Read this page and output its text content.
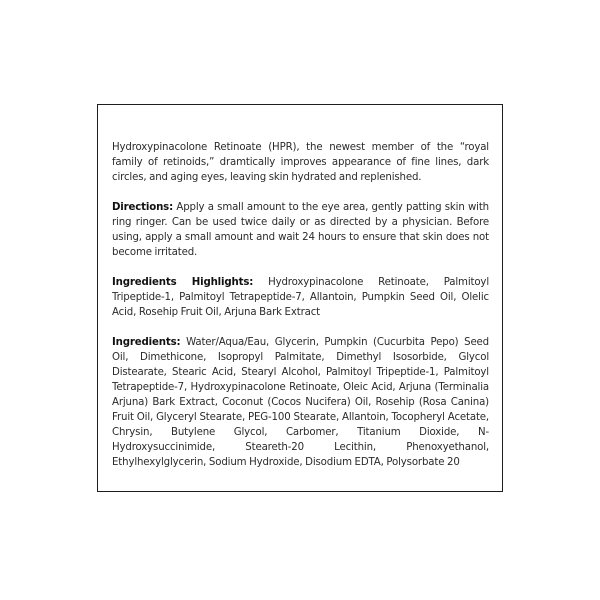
Hydroxypinacolone Retinoate (HPR), the newest member of the “royal family of retinoids,” dramtically improves appearance of fine lines, dark circles, and aging eyes, leaving skin hydrated and replenished.

Directions: Apply a small amount to the eye area, gently patting skin with ring ringer. Can be used twice daily or as directed by a physician. Before using, apply a small amount and wait 24 hours to ensure that skin does not become irritated.

Ingredients Highlights: Hydroxypinacolone Retinoate, Palmitoyl Tripeptide-1, Palmitoyl Tetrapeptide-7, Allantoin, Pumpkin Seed Oil, Olelic Acid, Rosehip Fruit Oil, Arjuna Bark Extract

Ingredients: Water/Aqua/Eau, Glycerin, Pumpkin (Cucurbita Pepo) Seed Oil, Dimethicone, Isopropyl Palmitate, Dimethyl Isosorbide, Glycol Distearate, Stearic Acid, Stearyl Alcohol, Palmitoyl Tripeptide-1, Palmitoyl Tetrapeptide-7, Hydroxypinacolone Retinoate, Oleic Acid, Arjuna (Terminalia Arjuna) Bark Extract, Coconut (Cocos Nucifera) Oil, Rosehip (Rosa Canina) Fruit Oil, Glyceryl Stearate, PEG-100 Stearate, Allantoin, Tocopheryl Acetate, Chrysin, Butylene Glycol, Carbomer, Titanium Dioxide, N-Hydroxysuccinimide, Steareth-20 Lecithin, Phenoxyethanol, Ethylhexylglycerin, Sodium Hydroxide, Disodium EDTA, Polysorbate 20
